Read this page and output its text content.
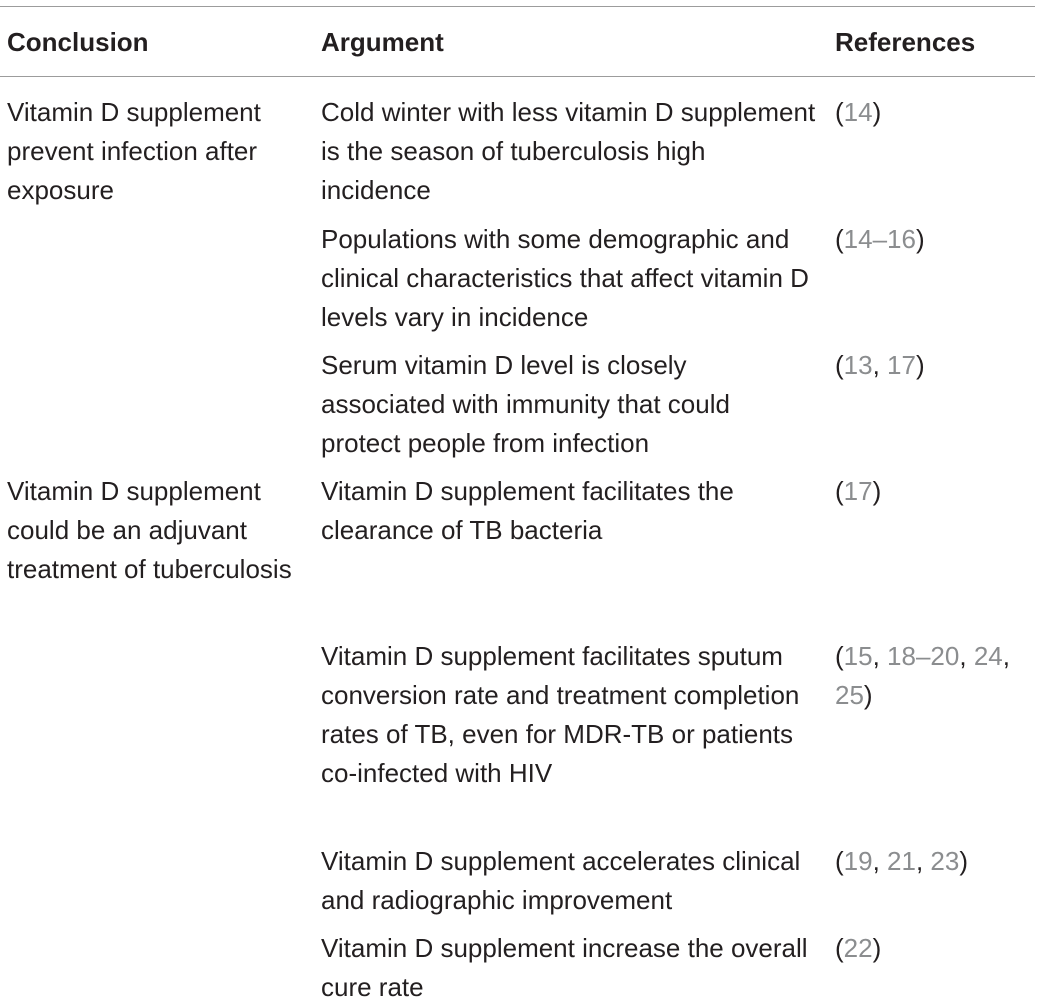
Conclusion	Argument	References
Vitamin D supplement prevent infection after exposure
Cold winter with less vitamin D supplement is the season of tuberculosis high incidence
(14)
Populations with some demographic and clinical characteristics that affect vitamin D levels vary in incidence
(14–16)
Serum vitamin D level is closely associated with immunity that could protect people from infection
(13, 17)
Vitamin D supplement could be an adjuvant treatment of tuberculosis
Vitamin D supplement facilitates the clearance of TB bacteria
(17)
Vitamin D supplement facilitates sputum conversion rate and treatment completion rates of TB, even for MDR-TB or patients co-infected with HIV
(15, 18–20, 24, 25)
Vitamin D supplement accelerates clinical and radiographic improvement
(19, 21, 23)
Vitamin D supplement increase the overall cure rate
(22)
